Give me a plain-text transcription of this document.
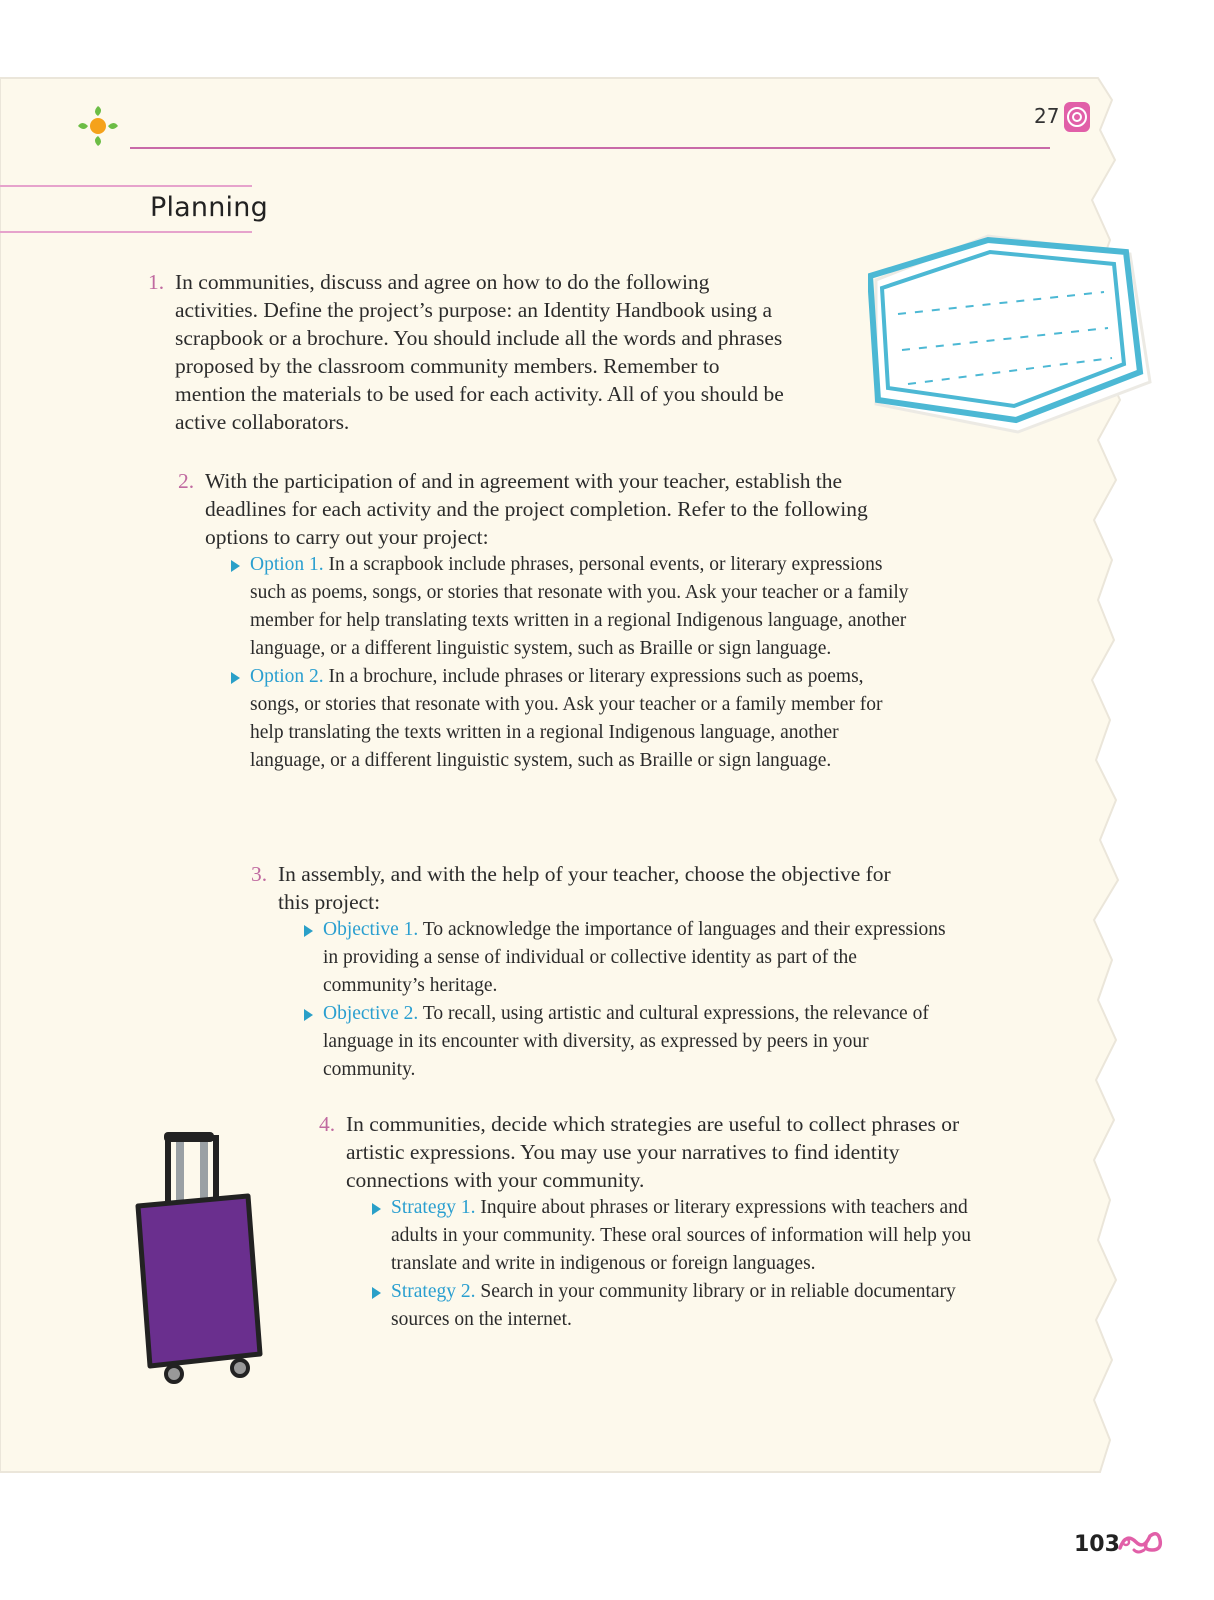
27
Planning
1. In communities, discuss and agree on how to do the following activities. Define the project’s purpose: an Identity Handbook using a scrapbook or a brochure. You should include all the words and phrases proposed by the classroom community members. Remember to mention the materials to be used for each activity. All of you should be active collaborators.
2. With the participation of and in agreement with your teacher, establish the deadlines for each activity and the project completion. Refer to the following options to carry out your project:
Option 1. In a scrapbook include phrases, personal events, or literary expressions such as poems, songs, or stories that resonate with you. Ask your teacher or a family member for help translating texts written in a regional Indigenous language, another language, or a different linguistic system, such as Braille or sign language.
Option 2. In a brochure, include phrases or literary expressions such as poems, songs, or stories that resonate with you. Ask your teacher or a family member for help translating the texts written in a regional Indigenous language, another language, or a different linguistic system, such as Braille or sign language.
3. In assembly, and with the help of your teacher, choose the objective for this project:
Objective 1. To acknowledge the importance of languages and their expressions in providing a sense of individual or collective identity as part of the community’s heritage.
Objective 2. To recall, using artistic and cultural expressions, the relevance of language in its encounter with diversity, as expressed by peers in your community.
4. In communities, decide which strategies are useful to collect phrases or artistic expressions. You may use your narratives to find identity connections with your community.
Strategy 1. Inquire about phrases or literary expressions with teachers and adults in your community. These oral sources of information will help you translate and write in indigenous or foreign languages.
Strategy 2. Search in your community library or in reliable documentary sources on the internet.
103
